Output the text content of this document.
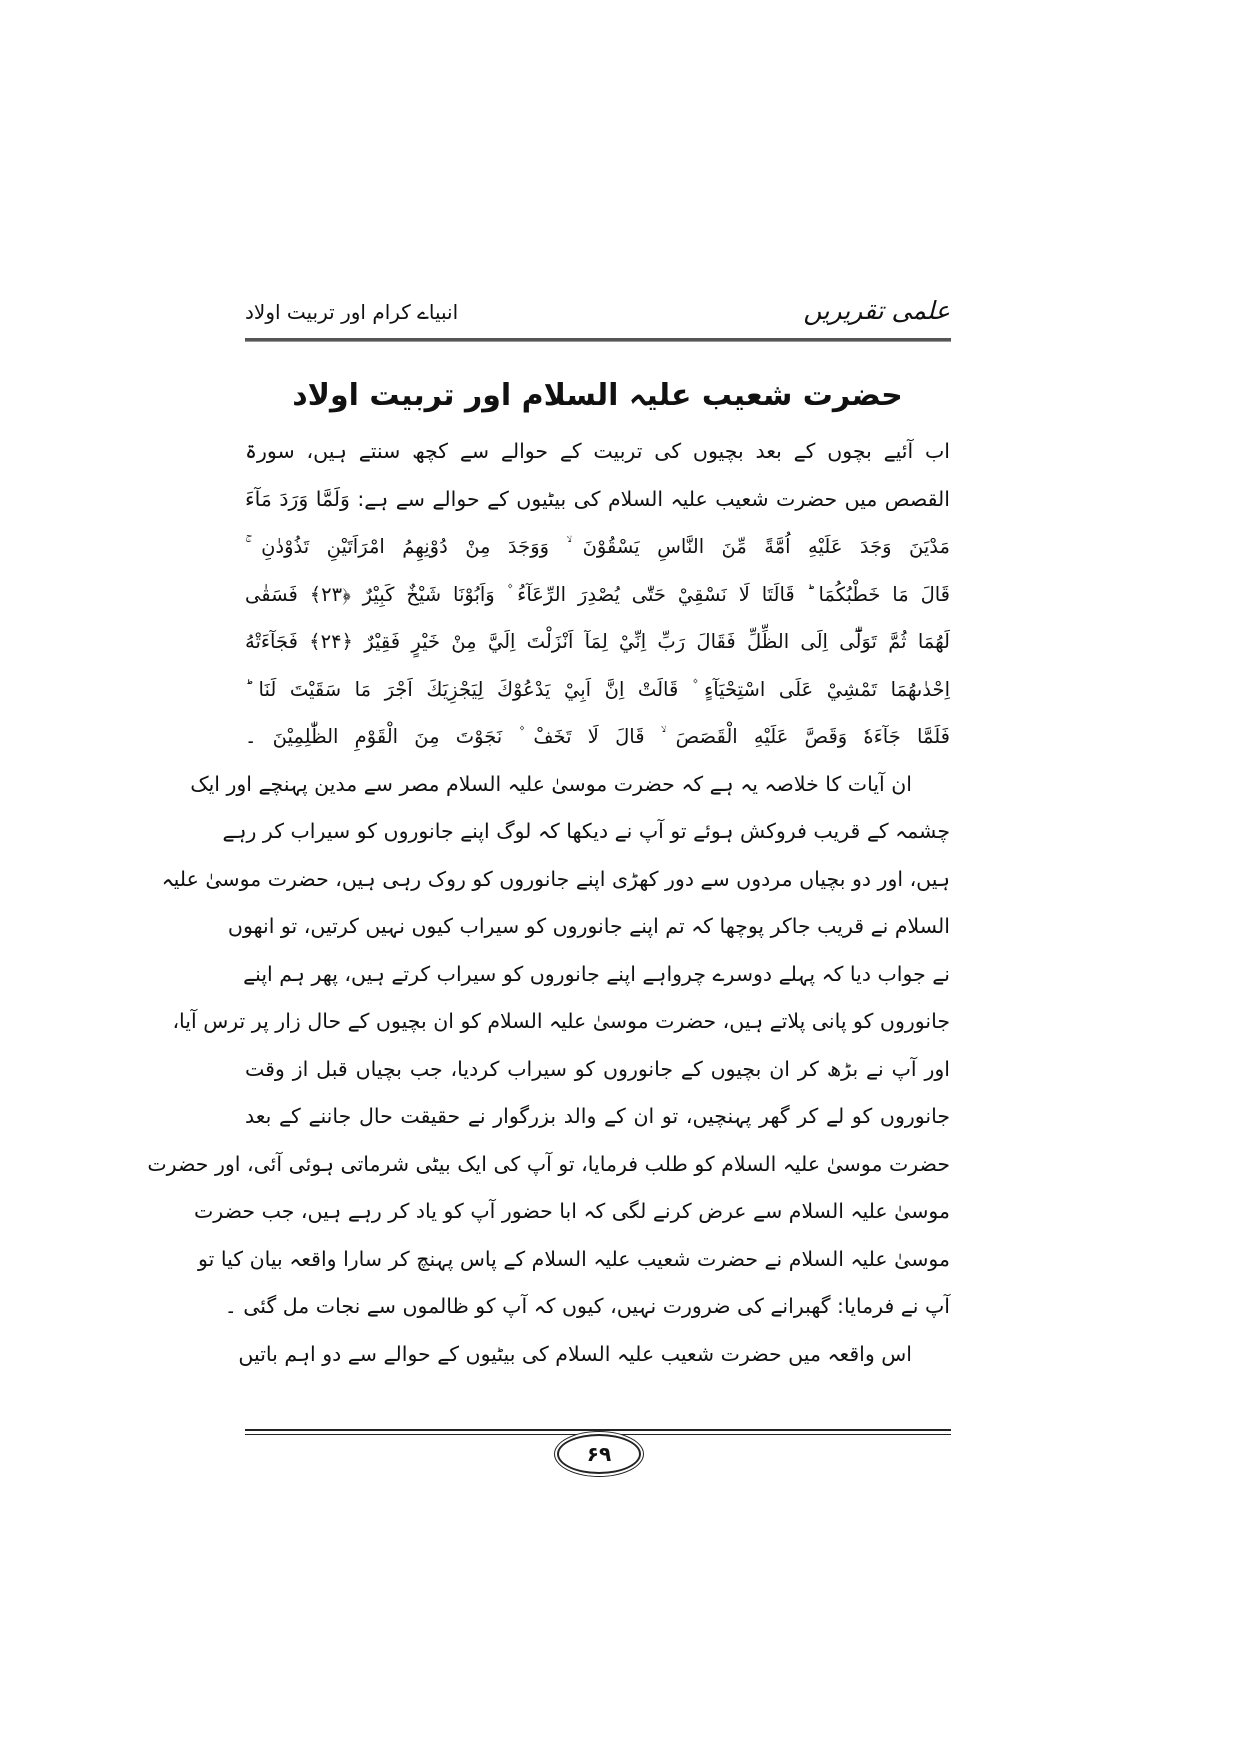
علمی تقریریں
انبیاے کرام اور تربیت اولاد
حضرت شعیب علیہ السلام اور تربیت اولاد
اب آئیے بچوں کے بعد بچیوں کی تربیت کے حوالے سے کچھ سنتے ہیں، سورۃ
القصص میں حضرت شعیب علیہ السلام کی بیٹیوں کے حوالے سے ہے: وَلَمَّا وَرَدَ مَآءَ
مَدْيَنَ وَجَدَ عَلَيْهِ اُمَّةً مِّنَ النَّاسِ يَسْقُوْنَ ۙ وَوَجَدَ مِنْ دُوْنِهِمُ امْرَاَتَيْنِ تَذُوْدٰنِ ۚ
قَالَ مَا خَطْبُكُمَا ؕ قَالَتَا لَا نَسْقِيْ حَتّٰى يُصْدِرَ الرِّعَآءُ ۫ وَاَبُوْنَا شَيْخٌ كَبِيْرٌ ﴿۲۳﴾ فَسَقٰى
لَهُمَا ثُمَّ تَوَلّٰٓى اِلَى الظِّلِّ فَقَالَ رَبِّ اِنِّيْ لِمَآ اَنْزَلْتَ اِلَيَّ مِنْ خَيْرٍ فَقِيْرٌ ﴿۲۴﴾ فَجَآءَتْهُ
اِحْدٰىهُمَا تَمْشِيْ عَلَى اسْتِحْيَآءٍ ۫ قَالَتْ اِنَّ اَبِيْ يَدْعُوْكَ لِيَجْزِيَكَ اَجْرَ مَا سَقَيْتَ لَنَا ؕ
فَلَمَّا جَآءَهٗ وَقَصَّ عَلَيْهِ الْقَصَصَ ۙ قَالَ لَا تَخَفْ ۫ نَجَوْتَ مِنَ الْقَوْمِ الظّٰلِمِيْنَ ۔
ان آیات کا خلاصہ یہ ہے کہ حضرت موسیٰ علیہ السلام مصر سے مدین پہنچے اور ایک
چشمہ کے قریب فروکش ہوئے تو آپ نے دیکھا کہ لوگ اپنے جانوروں کو سیراب کر رہے
ہیں، اور دو بچیاں مردوں سے دور کھڑی اپنے جانوروں کو روک رہی ہیں، حضرت موسیٰ علیہ
السلام نے قریب جاکر پوچھا کہ تم اپنے جانوروں کو سیراب کیوں نہیں کرتیں، تو انھوں
نے جواب دیا کہ پہلے دوسرے چرواہے اپنے جانوروں کو سیراب کرتے ہیں، پھر ہم اپنے
جانوروں کو پانی پلاتے ہیں، حضرت موسیٰ علیہ السلام کو ان بچیوں کے حال زار پر ترس آیا،
اور آپ نے بڑھ کر ان بچیوں کے جانوروں کو سیراب کردیا، جب بچیاں قبل از وقت
جانوروں کو لے کر گھر پہنچیں، تو ان کے والد بزرگوار نے حقیقت حال جاننے کے بعد
حضرت موسیٰ علیہ السلام کو طلب فرمایا، تو آپ کی ایک بیٹی شرماتی ہوئی آئی، اور حضرت
موسیٰ علیہ السلام سے عرض کرنے لگی کہ ابا حضور آپ کو یاد کر رہے ہیں، جب حضرت
موسیٰ علیہ السلام نے حضرت شعیب علیہ السلام کے پاس پہنچ کر سارا واقعہ بیان کیا تو
آپ نے فرمایا: گھبرانے کی ضرورت نہیں، کیوں کہ آپ کو ظالموں سے نجات مل گئی ۔
اس واقعہ میں حضرت شعیب علیہ السلام کی بیٹیوں کے حوالے سے دو اہم باتیں
۶۹
